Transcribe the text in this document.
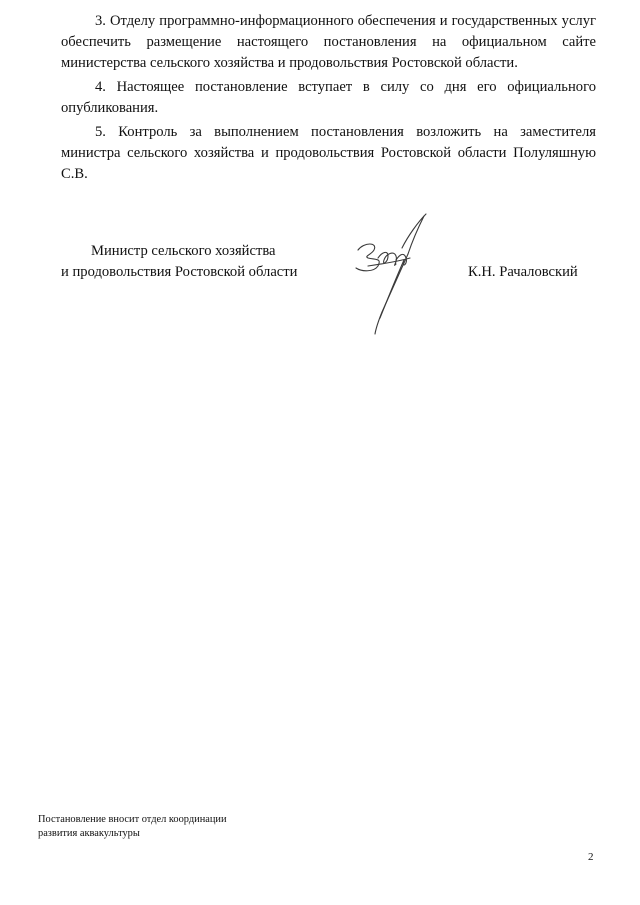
3. Отделу программно-информационного обеспечения и государственных услуг обеспечить размещение настоящего постановления на официальном сайте министерства сельского хозяйства и продовольствия Ростовской области.

4. Настоящее постановление вступает в силу со дня его официального опубликования.

5. Контроль за выполнением постановления возложить на заместителя министра сельского хозяйства и продовольствия Ростовской области Полуляшную С.В.

Министр сельского хозяйства
и продовольствия Ростовской области	К.Н. Рачаловский
Постановление вносит отдел координации
развития аквакультуры
2
